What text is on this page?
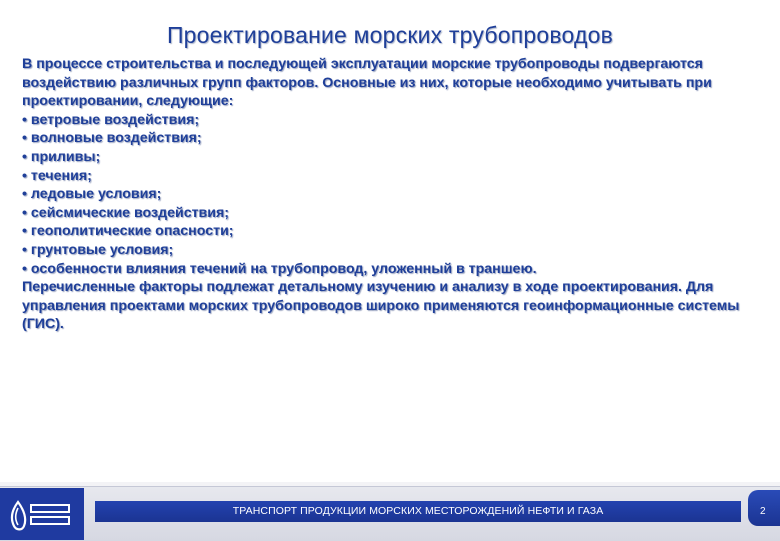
Проектирование морских трубопроводов

В процессе строительства и последующей эксплуатации морские трубопроводы подвергаются воздействию различных групп факторов. Основные из них, которые необходимо учитывать при проектировании, следующие:

• ветровые воздействия;
• волновые воздействия;
• приливы;
• течения;
• ледовые условия;
• сейсмические воздействия;
• геополитические опасности;
• грунтовые условия;
• особенности влияния течений на трубопровод, уложенный в траншею.

Перечисленные факторы подлежат детальному изучению и анализу в ходе проектирования. Для управления проектами морских трубопроводов широко применяются геоинформационные системы (ГИС).

ТРАНСПОРТ ПРОДУКЦИИ МОРСКИХ МЕСТОРОЖДЕНИЙ НЕФТИ И ГАЗА	2
